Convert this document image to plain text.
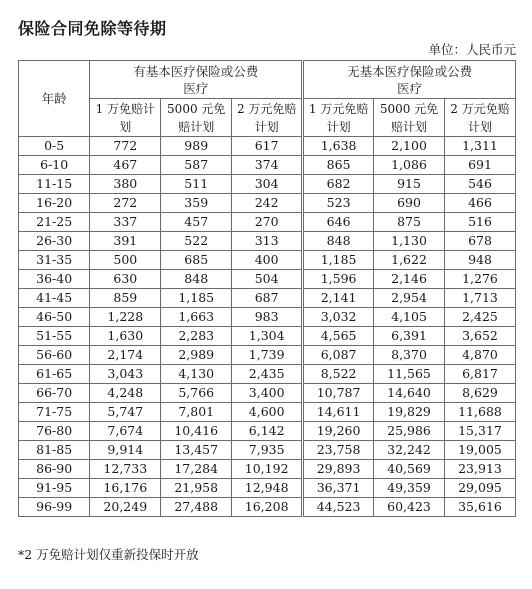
保险合同免除等待期
单位：人民币元
年龄	有基本医疗保险或公费医疗			无基本医疗保险或公费医疗		
	1 万免赔计划	5000 元免赔计划	2 万元免赔计划	1 万元免赔计划	5000 元免赔计划	2 万元免赔计划
0-5	772	989	617	1,638	2,100	1,311
6-10	467	587	374	865	1,086	691
11-15	380	511	304	682	915	546
16-20	272	359	242	523	690	466
21-25	337	457	270	646	875	516
26-30	391	522	313	848	1,130	678
31-35	500	685	400	1,185	1,622	948
36-40	630	848	504	1,596	2,146	1,276
41-45	859	1,185	687	2,141	2,954	1,713
46-50	1,228	1,663	983	3,032	4,105	2,425
51-55	1,630	2,283	1,304	4,565	6,391	3,652
56-60	2,174	2,989	1,739	6,087	8,370	4,870
61-65	3,043	4,130	2,435	8,522	11,565	6,817
66-70	4,248	5,766	3,400	10,787	14,640	8,629
71-75	5,747	7,801	4,600	14,611	19,829	11,688
76-80	7,674	10,416	6,142	19,260	25,986	15,317
81-85	9,914	13,457	7,935	23,758	32,242	19,005
86-90	12,733	17,284	10,192	29,893	40,569	23,913
91-95	16,176	21,958	12,948	36,371	49,359	29,095
96-99	20,249	27,488	16,208	44,523	60,423	35,616

*2 万免赔计划仅重新投保时开放
